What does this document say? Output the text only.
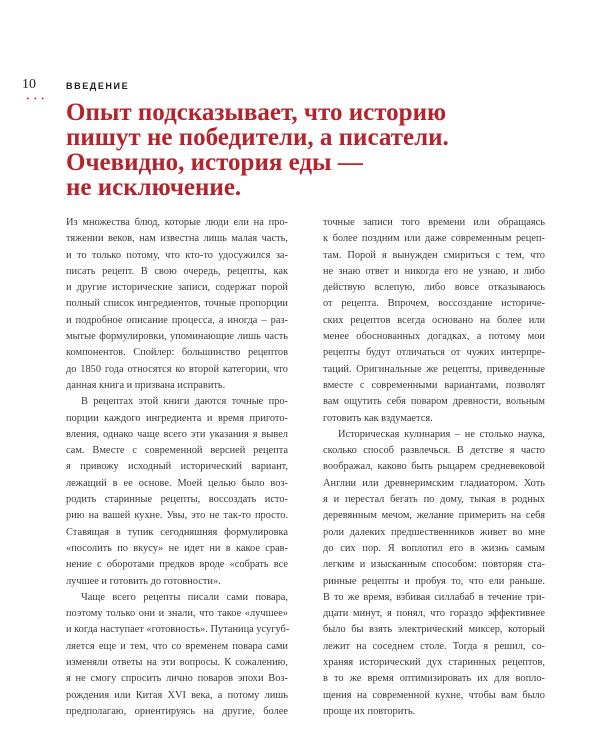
10
• • •
ВВЕДЕНИЕ
Опыт подсказывает, что историю
пишут не победители, а писатели.
Очевидно, история еды —
не исключение.
Из множества блюд, которые люди ели на про-
тяжении веков, нам известна лишь малая часть,
и то только потому, что кто-то удосужился за-
писать рецепт. В свою очередь, рецепты, как
и другие исторические записи, содержат порой
полный список ингредиентов, точные пропорции
и подробное описание процесса, а иногда – раз-
мытые формулировки, упоминающие лишь часть
компонентов. Спойлер: большинство рецептов
до 1850 года относятся ко второй категории, что
данная книга и призвана исправить.
В рецептах этой книги даются точные про-
порции каждого ингредиента и время пригото-
вления, однако чаще всего эти указания я вывел
сам. Вместе с современной версией рецепта
я привожу исходный исторический вариант,
лежащий в ее основе. Моей целью было воз-
родить старинные рецепты, воссоздать исто-
рию на вашей кухне. Увы, это не так-то просто.
Ставящая в тупик сегодняшняя формулировка
«посолить по вкусу» не идет ни в какое срав-
нение с оборотами предков вроде «собрать все
лучшее и готовить до готовности».
Чаще всего рецепты писали сами повара,
поэтому только они и знали, что такое «лучшее»
и когда наступает «готовность». Путаница усугуб-
ляется еще и тем, что со временем повара сами
изменяли ответы на эти вопросы. К сожалению,
я не смогу спросить лично поваров эпохи Воз-
рождения или Китая XVI века, а потому лишь
предполагаю, ориентируясь на другие, более
точные записи того времени или обращаясь
к более поздним или даже современным рецеп-
там. Порой я вынужден смириться с тем, что
не знаю ответ и никогда его не узнаю, и либо
действую вслепую, либо вовсе отказываюсь
от рецепта. Впрочем, воссоздание историче-
ских рецептов всегда основано на более или
менее обоснованных догадках, а потому мои
рецепты будут отличаться от чужих интерпре-
таций. Оригинальные же рецепты, приведенные
вместе с современными вариантами, позволят
вам ощутить себя поваром древности, вольным
готовить как вздумается.
Историческая кулинария – не столько наука,
сколько способ развлечься. В детстве я часто
воображал, каково быть рыцарем средневековой
Англии или древнеримским гладиатором. Хоть
я и перестал бегать по дому, тыкая в родных
деревянным мечом, желание примерить на себя
роли далеких предшественников живет во мне
до сих пор. Я воплотил его в жизнь самым
легким и изысканным способом: повторяя ста-
ринные рецепты и пробуя то, что ели раньше.
В то же время, взбивая силлабаб в течение три-
дцати минут, я понял, что гораздо эффективнее
было бы взять электрический миксер, который
лежит на соседнем столе. Тогда я решил, со-
храняя исторический дух старинных рецептов,
в то же время оптимизировать их для вопло-
щения на современной кухне, чтобы вам было
проще их повторить.
